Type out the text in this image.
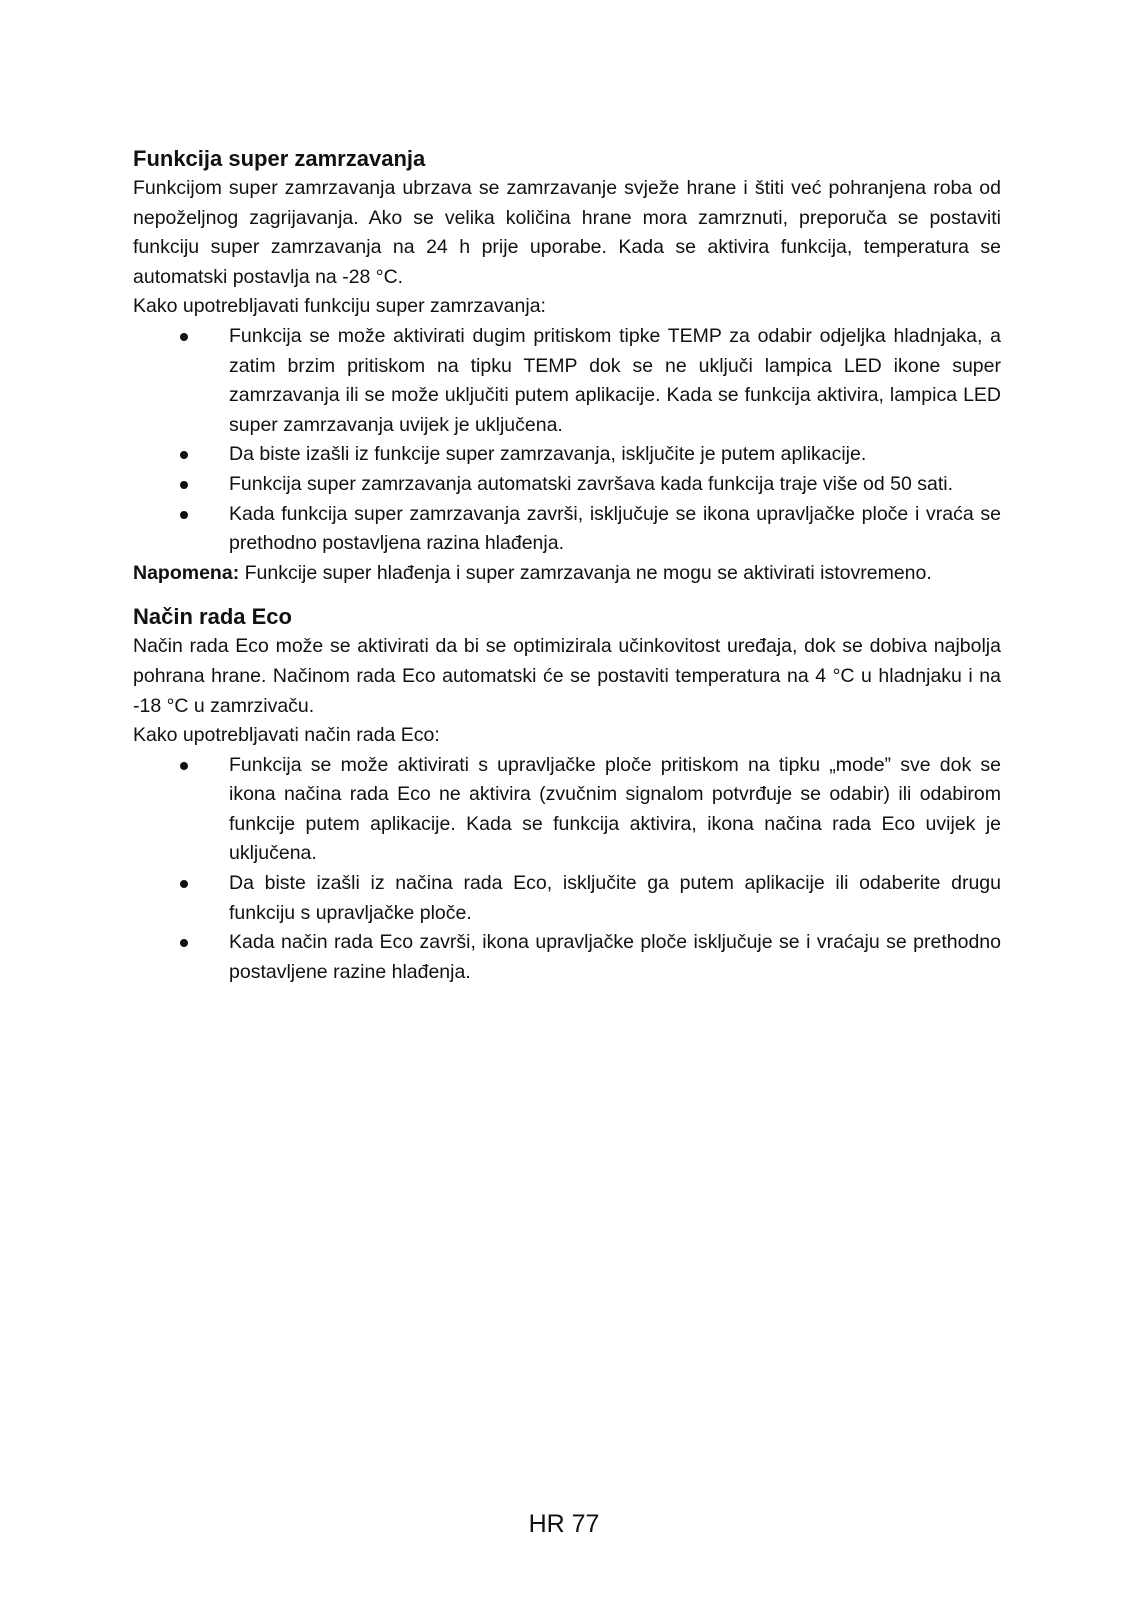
Funkcija super zamrzavanja

Funkcijom super zamrzavanja ubrzava se zamrzavanje svježe hrane i štiti već pohranjena roba od nepoželjnog zagrijavanja. Ako se velika količina hrane mora zamrznuti, preporuča se postaviti funkciju super zamrzavanja na 24 h prije uporabe. Kada se aktivira funkcija, temperatura se automatski postavlja na -28 °C.

Kako upotrebljavati funkciju super zamrzavanja:

Funkcija se može aktivirati dugim pritiskom tipke TEMP za odabir odjeljka hladnjaka, a zatim brzim pritiskom na tipku TEMP dok se ne uključi lampica LED ikone super zamrzavanja ili se može uključiti putem aplikacije. Kada se funkcija aktivira, lampica LED super zamrzavanja uvijek je uključena.
Da biste izašli iz funkcije super zamrzavanja, isključite je putem aplikacije.
Funkcija super zamrzavanja automatski završava kada funkcija traje više od 50 sati.
Kada funkcija super zamrzavanja završi, isključuje se ikona upravljačke ploče i vraća se prethodno postavljena razina hlađenja.

Napomena: Funkcije super hlađenja i super zamrzavanja ne mogu se aktivirati istovremeno.

Način rada Eco

Način rada Eco može se aktivirati da bi se optimizirala učinkovitost uređaja, dok se dobiva najbolja pohrana hrane. Načinom rada Eco automatski će se postaviti temperatura na 4 °C u hladnjaku i na -18 °C u zamrzivaču.

Kako upotrebljavati način rada Eco:

Funkcija se može aktivirati s upravljačke ploče pritiskom na tipku „mode” sve dok se ikona načina rada Eco ne aktivira (zvučnim signalom potvrđuje se odabir) ili odabirom funkcije putem aplikacije. Kada se funkcija aktivira, ikona načina rada Eco uvijek je uključena.
Da biste izašli iz načina rada Eco, isključite ga putem aplikacije ili odaberite drugu funkciju s upravljačke ploče.
Kada način rada Eco završi, ikona upravljačke ploče isključuje se i vraćaju se prethodno postavljene razine hlađenja.
HR 77
